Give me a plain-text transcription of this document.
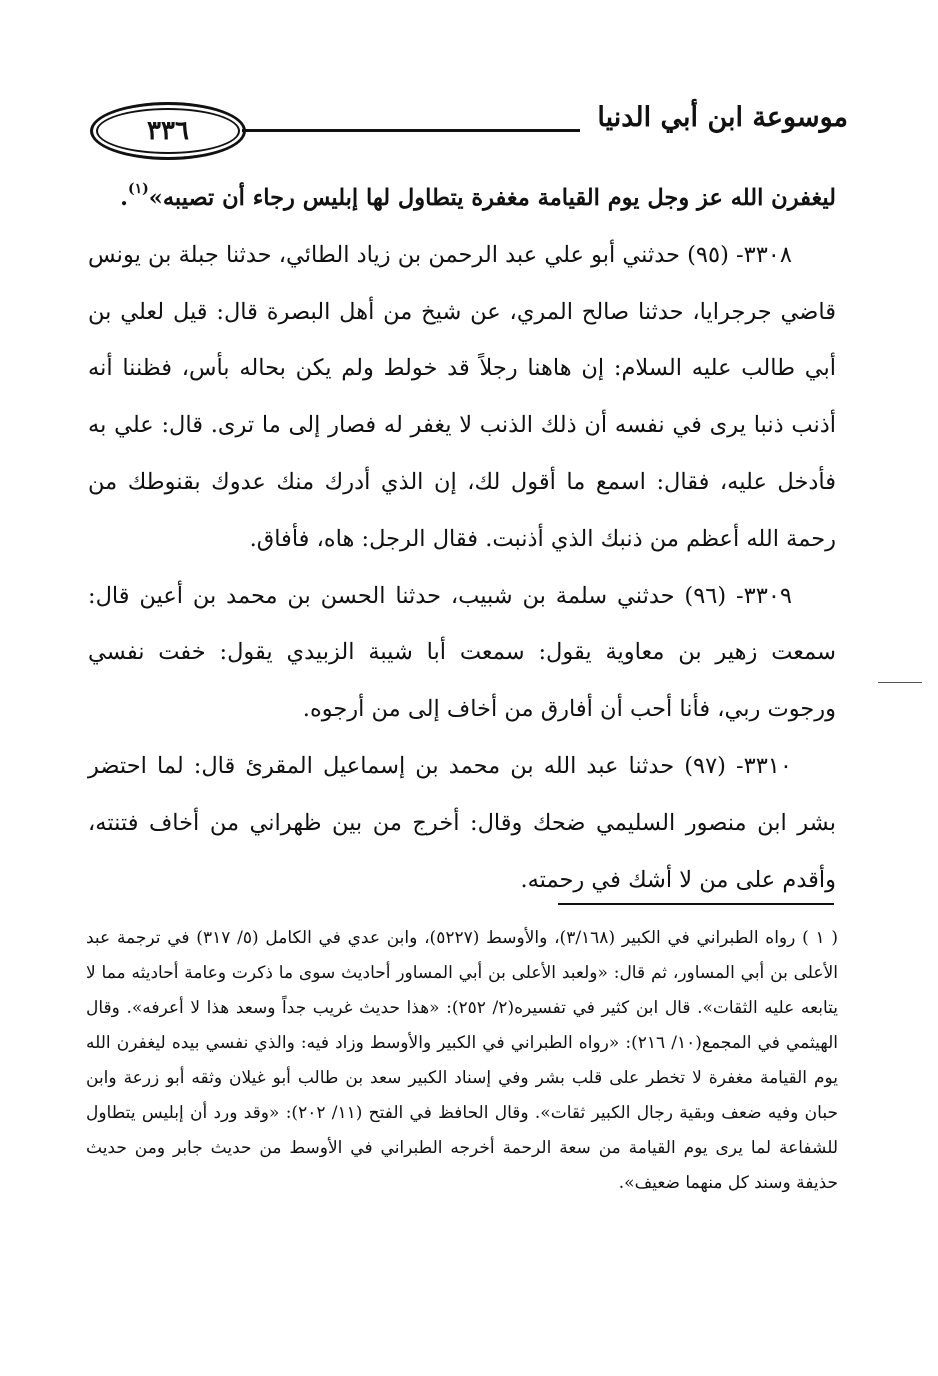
٣٣٦	موسوعة ابن أبي الدنيا

ليغفرن الله عز وجل يوم القيامة مغفرة يتطاول لها إبليس رجاء أن تصيبه»$^{(١)}$.

٣٣٠٨- (٩٥) حدثني أبو علي عبد الرحمن بن زياد الطائي، حدثنا جبلة بن يونس قاضي جرجرايا، حدثنا صالح المري، عن شيخ من أهل البصرة قال: قيل لعلي بن أبي طالب عليه السلام: إن هاهنا رجلاً قد خولط ولم يكن بحاله بأس، فظننا أنه أذنب ذنبا يرى في نفسه أن ذلك الذنب لا يغفر له فصار إلى ما ترى. قال: علي به فأدخل عليه، فقال: اسمع ما أقول لك، إن الذي أدرك منك عدوك بقنوطك من رحمة الله أعظم من ذنبك الذي أذنبت. فقال الرجل: هاه، فأفاق.

٣٣٠٩- (٩٦) حدثني سلمة بن شبيب، حدثنا الحسن بن محمد بن أعين قال: سمعت زهير بن معاوية يقول: سمعت أبا شيبة الزبيدي يقول: خفت نفسي ورجوت ربي، فأنا أحب أن أفارق من أخاف إلى من أرجوه.

٣٣١٠- (٩٧) حدثنا عبد الله بن محمد بن إسماعيل المقرئ قال: لما احتضر بشر ابن منصور السليمي ضحك وقال: أخرج من بين ظهراني من أخاف فتنته، وأقدم على من لا أشك في رحمته.

( ١ ) رواه الطبراني في الكبير (٣/١٦٨)، والأوسط (٥٢٢٧)، وابن عدي في الكامل (٥/ ٣١٧) في ترجمة عبد الأعلى بن أبي المساور، ثم قال: «ولعبد الأعلى بن أبي المساور أحاديث سوى ما ذكرت وعامة أحاديثه مما لا يتابعه عليه الثقات». قال ابن كثير في تفسيره(٢/ ٢٥٢): «هذا حديث غريب جداً وسعد هذا لا أعرفه». وقال الهيثمي في المجمع(١٠/ ٢١٦): «رواه الطبراني في الكبير والأوسط وزاد فيه: والذي نفسي بيده ليغفرن الله يوم القيامة مغفرة لا تخطر على قلب بشر وفي إسناد الكبير سعد بن طالب أبو غيلان وثقه أبو زرعة وابن حبان وفيه ضعف وبقية رجال الكبير ثقات». وقال الحافظ في الفتح (١١/ ٢٠٢): «وقد ورد أن إبليس يتطاول للشفاعة لما يرى يوم القيامة من سعة الرحمة أخرجه الطبراني في الأوسط من حديث جابر ومن حديث حذيفة وسند كل منهما ضعيف».
